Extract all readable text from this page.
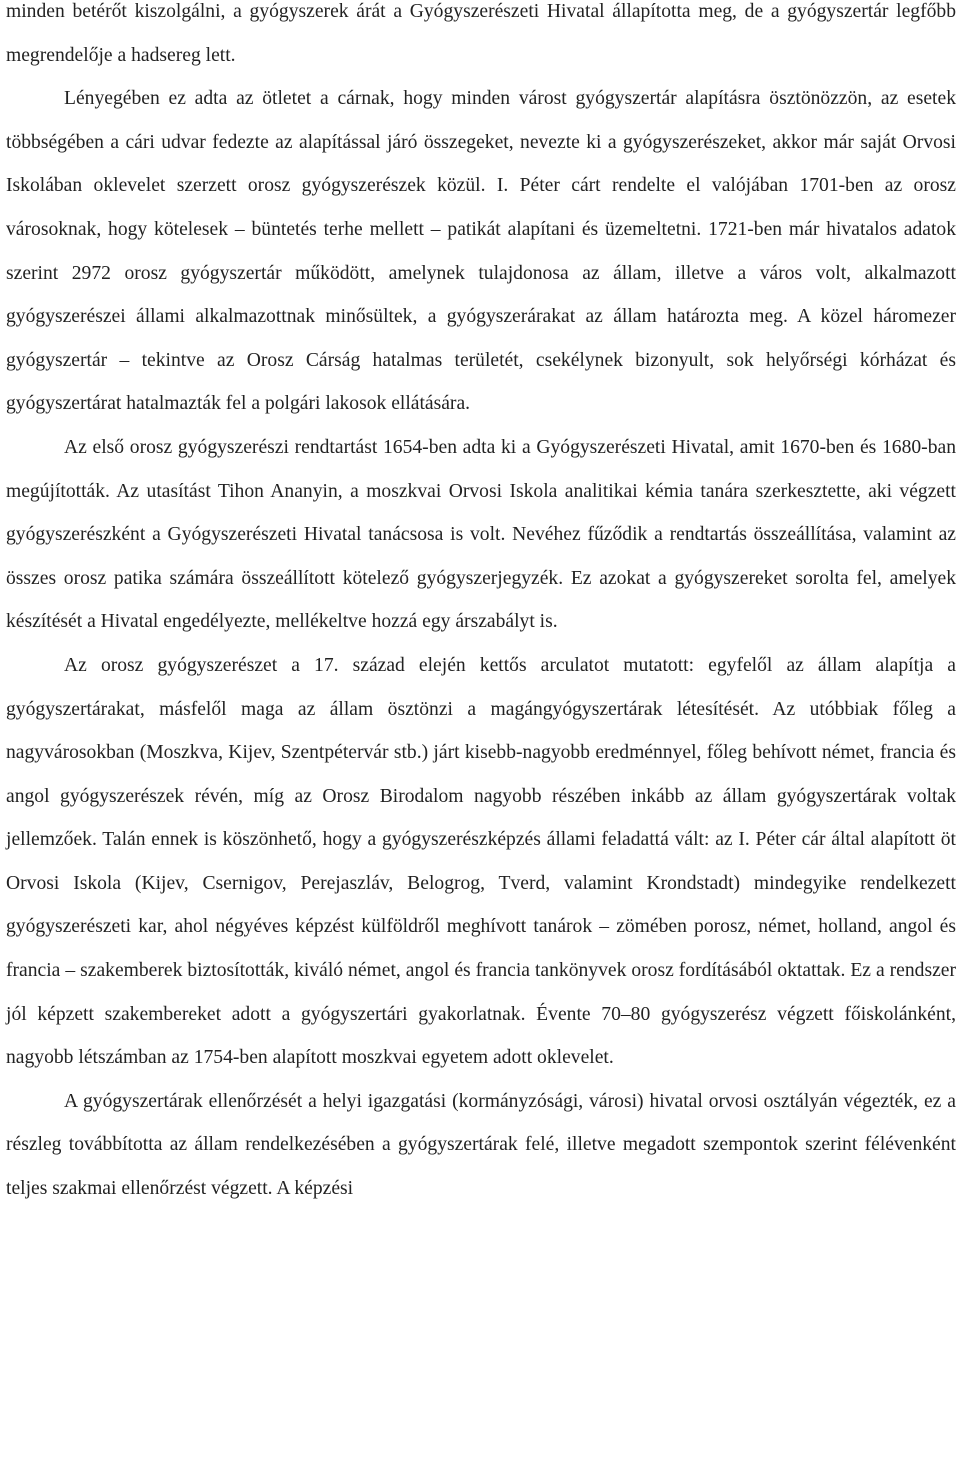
minden betérőt kiszolgálni, a gyógyszerek árát a Gyógyszerészeti Hivatal állapította meg, de a gyógyszertár legfőbb megrendelője a hadsereg lett.

Lényegében ez adta az ötletet a cárnak, hogy minden várost gyógyszertár alapításra ösztönözzön, az esetek többségében a cári udvar fedezte az alapítással járó összegeket, nevezte ki a gyógyszerészeket, akkor már saját Orvosi Iskolában oklevelet szerzett orosz gyógyszerészek közül. I. Péter cárt rendelte el valójában 1701-ben az orosz városoknak, hogy kötelesek – büntetés terhe mellett – patikát alapítani és üzemeltetni. 1721-ben már hivatalos adatok szerint 2972 orosz gyógyszertár működött, amelynek tulajdonosa az állam, illetve a város volt, alkalmazott gyógyszerészei állami alkalmazottnak minősültek, a gyógyszerárakat az állam határozta meg. A közel háromezer gyógyszertár – tekintve az Orosz Cárság hatalmas területét, csekélynek bizonyult, sok helyőrségi kórházat és gyógyszertárat hatalmazták fel a polgári lakosok ellátására.

Az első orosz gyógyszerészi rendtartást 1654-ben adta ki a Gyógyszerészeti Hivatal, amit 1670-ben és 1680-ban megújították. Az utasítást Tihon Ananyin, a moszkvai Orvosi Iskola analitikai kémia tanára szerkesztette, aki végzett gyógyszerészként a Gyógyszerészeti Hivatal tanácsosa is volt. Nevéhez fűződik a rendtartás összeállítása, valamint az összes orosz patika számára összeállított kötelező gyógyszerjegyzék. Ez azokat a gyógyszereket sorolta fel, amelyek készítését a Hivatal engedélyezte, mellékeltve hozzá egy árszabályt is.

Az orosz gyógyszerészet a 17. század elején kettős arculatot mutatott: egyfelől az állam alapítja a gyógyszertárakat, másfelől maga az állam ösztönzi a magángyógyszertárak létesítését. Az utóbbiak főleg a nagyvárosokban (Moszkva, Kijev, Szentpétervár stb.) járt kisebb-nagyobb eredménnyel, főleg behívott német, francia és angol gyógyszerészek révén, míg az Orosz Birodalom nagyobb részében inkább az állam gyógyszertárak voltak jellemzőek. Talán ennek is köszönhető, hogy a gyógyszerészképzés állami feladattá vált: az I. Péter cár által alapított öt Orvosi Iskola (Kijev, Csernigov, Perejaszláv, Belogrog, Tverd, valamint Krondstadt) mindegyike rendelkezett gyógyszerészeti kar, ahol négyéves képzést külföldről meghívott tanárok – zömében porosz, német, holland, angol és francia – szakemberek biztosították, kiváló német, angol és francia tankönyvek orosz fordításából oktattak. Ez a rendszer jól képzett szakembereket adott a gyógyszertári gyakorlatnak. Évente 70–80 gyógyszerész végzett főiskolánként, nagyobb létszámban az 1754-ben alapított moszkvai egyetem adott oklevelet.

A gyógyszertárak ellenőrzését a helyi igazgatási (kormányzósági, városi) hivatal orvosi osztályán végezték, ez a részleg továbbította az állam rendelkezésében a gyógyszertárak felé, illetve megadott szempontok szerint félévenként teljes szakmai ellenőrzést végzett. A képzési
